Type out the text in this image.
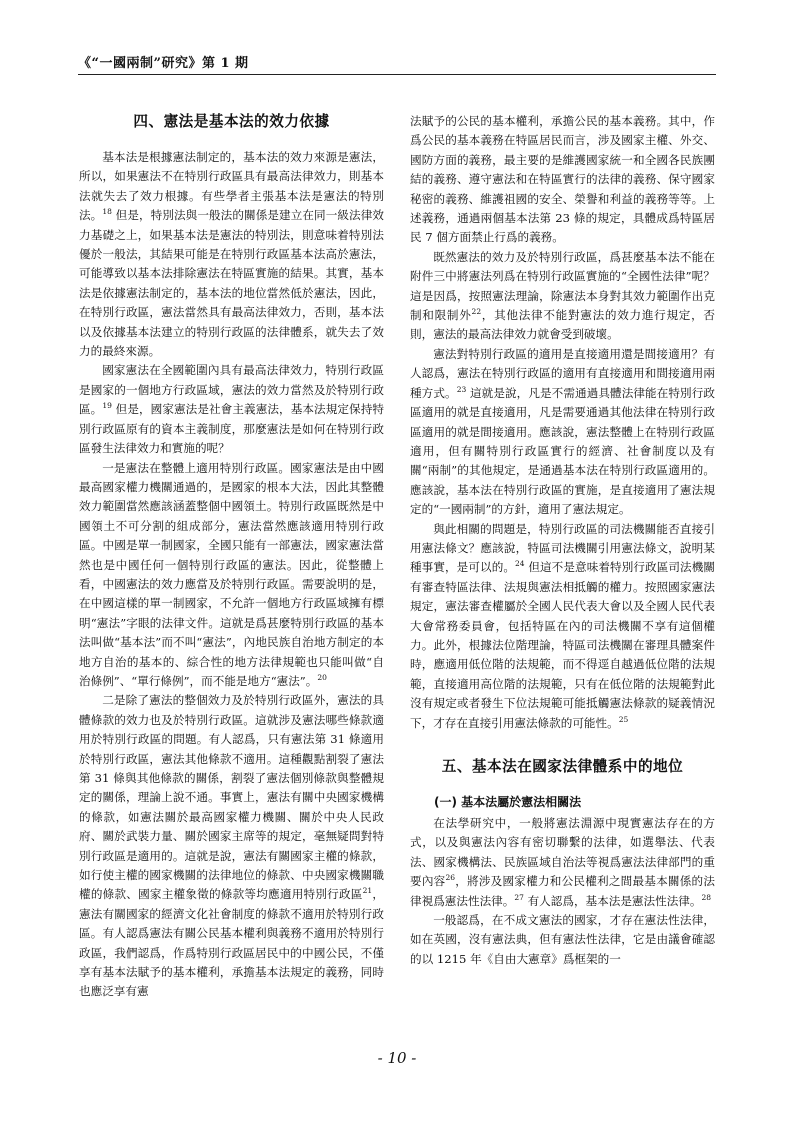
《“一國兩制”研究》第 1 期
四、憲法是基本法的效力依據

基本法是根據憲法制定的，基本法的效力來源是憲法，所以，如果憲法不在特別行政區具有最高法律效力，則基本法就失去了效力根據。有些學者主張基本法是憲法的特別法。$^{18}$ 但是，特別法與一般法的關係是建立在同一級法律效力基礎之上，如果基本法是憲法的特別法，則意味着特別法優於一般法，其結果可能是在特別行政區基本法高於憲法，可能導致以基本法排除憲法在特區實施的結果。其實，基本法是依據憲法制定的，基本法的地位當然低於憲法，因此，在特別行政區，憲法當然具有最高法律效力，否則，基本法以及依據基本法建立的特別行政區的法律體系，就失去了效力的最終來源。

國家憲法在全國範圍內具有最高法律效力，特別行政區是國家的一個地方行政區域，憲法的效力當然及於特別行政區。$^{19}$ 但是，國家憲法是社會主義憲法，基本法規定保持特別行政區原有的資本主義制度，那麼憲法是如何在特別行政區發生法律效力和實施的呢？

一是憲法在整體上適用特別行政區。國家憲法是由中國最高國家權力機關通過的，是國家的根本大法，因此其整體效力範圍當然應該涵蓋整個中國領土。特別行政區既然是中國領土不可分割的組成部分，憲法當然應該適用特別行政區。中國是單一制國家，全國只能有一部憲法，國家憲法當然也是中國任何一個特別行政區的憲法。因此，從整體上看，中國憲法的效力應當及於特別行政區。需要說明的是，在中國這樣的單一制國家，不允許一個地方行政區域擁有標明“憲法”字眼的法律文件。這就是爲甚麼特別行政區的基本法叫做“基本法”而不叫“憲法”，內地民族自治地方制定的本地方自治的基本的、綜合性的地方法律規範也只能叫做“自治條例”、“單行條例”，而不能是地方“憲法”。$^{20}$

二是除了憲法的整個效力及於特別行政區外，憲法的具體條款的效力也及於特別行政區。這就涉及憲法哪些條款適用於特別行政區的問題。有人認爲，只有憲法第 31 條適用於特別行政區，憲法其他條款不適用。這種觀點割裂了憲法第 31 條與其他條款的關係，割裂了憲法個別條款與整體規定的關係，理論上說不通。事實上，憲法有關中央國家機構的條款，如憲法關於最高國家權力機關、關於中央人民政府、關於武裝力量、關於國家主席等的規定，毫無疑問對特別行政區是適用的。這就是說，憲法有關國家主權的條款，如行使主權的國家機關的法律地位的條款、中央國家機關職權的條款、國家主權象徵的條款等均應適用特別行政區$^{21}$，憲法有關國家的經濟文化社會制度的條款不適用於特別行政區。有人認爲憲法有關公民基本權利與義務不適用於特別行政區，我們認爲，作爲特別行政區居民中的中國公民，不僅享有基本法賦予的基本權利，承擔基本法規定的義務，同時也應泛享有憲

法賦予的公民的基本權利，承擔公民的基本義務。其中，作爲公民的基本義務在特區居民而言，涉及國家主權、外交、國防方面的義務，最主要的是維護國家統一和全國各民族團結的義務、遵守憲法和在特區實行的法律的義務、保守國家秘密的義務、維護祖國的安全、榮譽和利益的義務等等。上述義務，通過兩個基本法第 23 條的規定，具體成爲特區居民 7 個方面禁止行爲的義務。

既然憲法的效力及於特別行政區，爲甚麼基本法不能在附件三中將憲法列爲在特別行政區實施的“全國性法律”呢？這是因爲，按照憲法理論，除憲法本身對其效力範圍作出克制和限制外$^{22}$，其他法律不能對憲法的效力進行規定，否則，憲法的最高法律效力就會受到破壞。

憲法對特別行政區的適用是直接適用還是間接適用？有人認爲，憲法在特別行政區的適用有直接適用和間接適用兩種方式。$^{23}$ 這就是說，凡是不需通過具體法律能在特別行政區適用的就是直接適用，凡是需要通過其他法律在特別行政區適用的就是間接適用。應該說，憲法整體上在特別行政區適用，但有關特別行政區實行的經濟、社會制度以及有關“兩制”的其他規定，是通過基本法在特別行政區適用的。應該說，基本法在特別行政區的實施，是直接適用了憲法規定的“一國兩制”的方針，適用了憲法規定。

與此相關的問題是，特別行政區的司法機關能否直接引用憲法條文？應該說，特區司法機關引用憲法條文，說明某種事實，是可以的。$^{24}$ 但這不是意味着特別行政區司法機關有審查特區法律、法規與憲法相抵觸的權力。按照國家憲法規定，憲法審查權屬於全國人民代表大會以及全國人民代表大會常務委員會，包括特區在內的司法機關不享有這個權力。此外，根據法位階理論，特區司法機關在審理具體案件時，應適用低位階的法規範，而不得逕自越過低位階的法規範，直接適用高位階的法規範，只有在低位階的法規範對此沒有規定或者發生下位法規範可能抵觸憲法條款的疑義情況下，才存在直接引用憲法條款的可能性。$^{25}$

五、基本法在國家法律體系中的地位
(一) 基本法屬於憲法相關法

在法學研究中，一般將憲法淵源中現實憲法存在的方式，以及與憲法內容有密切聯繫的法律，如選舉法、代表法、國家機構法、民族區域自治法等視爲憲法法律部門的重要內容$^{26}$，將涉及國家權力和公民權利之間最基本關係的法律視爲憲法性法律。$^{27}$ 有人認爲，基本法是憲法性法律。$^{28}$

一般認爲，在不成文憲法的國家，才存在憲法性法律，如在英國，沒有憲法典，但有憲法性法律，它是由議會確認的以 1215 年《自由大憲章》爲框架的一

- 10 -
